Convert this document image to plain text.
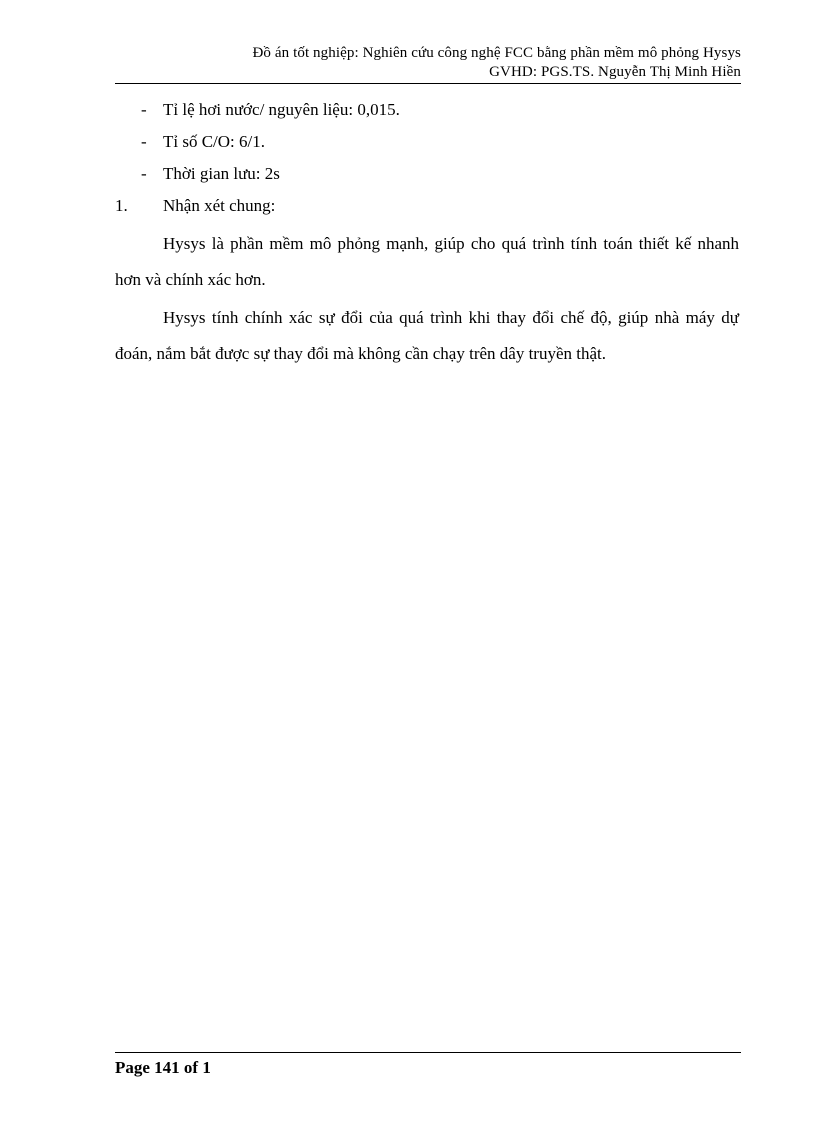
Đồ án tốt nghiệp: Nghiên cứu công nghệ FCC bằng phần mềm mô phỏng Hysys
GVHD: PGS.TS. Nguyễn Thị Minh Hiền
- Tỉ lệ hơi nước/ nguyên liệu: 0,015.
- Tỉ số C/O: 6/1.
- Thời gian lưu: 2s
1.	Nhận xét chung:

Hysys là phần mềm mô phỏng mạnh, giúp cho quá trình tính toán thiết kế nhanh hơn và chính xác hơn.

Hysys tính chính xác sự đổi của quá trình khi thay đổi chế độ, giúp nhà máy dự đoán, nắm bắt được sự thay đổi mà không cần chạy trên dây truyền thật.

Page 141 of 1
